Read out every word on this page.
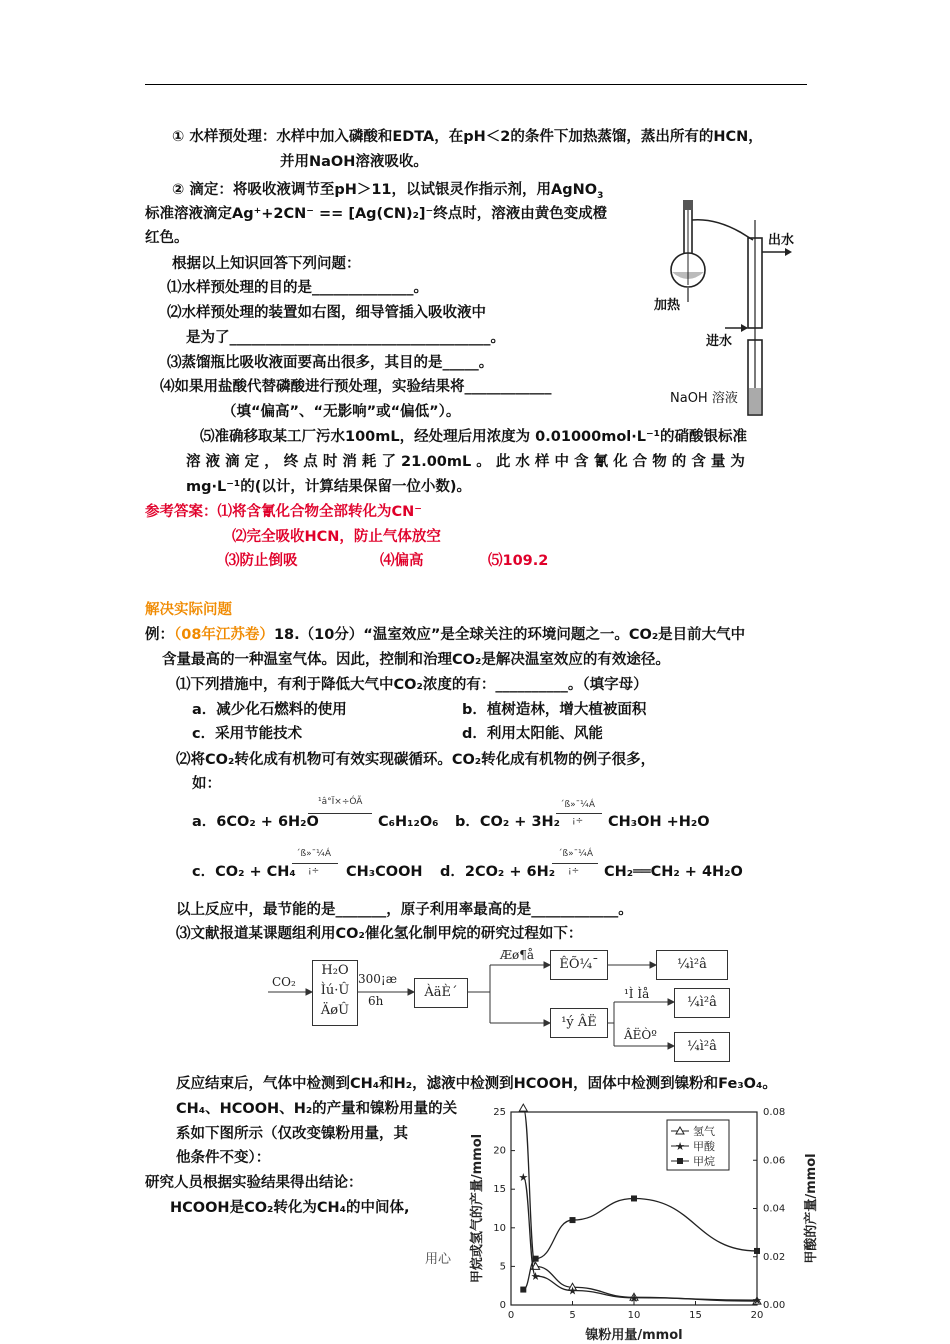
① 水样预处理：水样中加入磷酸和EDTA，在pH＜2的条件下加热蒸馏，蒸出所有的HCN，
并用NaOH溶液吸收。
② 滴定：将吸收液调节至pH＞11，以试银灵作指示剂，用AgNO$_3$
标准溶液滴定Ag⁺+2CN⁻ == [Ag(CN)₂]⁻终点时，溶液由黄色变成橙
红色。
根据以上知识回答下列问题：
⑴水样预处理的目的是______________。
⑵水样预处理的装置如右图，细导管插入吸收液中
是为了____________________________________。
⑶蒸馏瓶比吸收液面要高出很多，其目的是_____。
⑷如果用盐酸代替磷酸进行预处理，实验结果将____________
（填“偏高”、“无影响”或“偏低”）。
⑸准确移取某工厂污水100mL，经处理后用浓度为 0.01000mol·L⁻¹的硝酸银标准
溶 液 滴 定 ， 终 点 时 消 耗 了 21.00mL 。 此 水 样 中 含 氰 化 合 物 的 含 量 为
mg·L⁻¹的(以计，计算结果保留一位小数)。
参考答案：⑴将含氰化合物全部转化为CN⁻
⑵完全吸收HCN，防止气体放空
⑶防止倒吸	⑷偏高	⑸109.2
出水
加热
进水
NaOH 溶液
解决实际问题
例：（08年江苏卷）18.（10分）“温室效应”是全球关注的环境问题之一。CO₂是目前大气中
含量最高的一种温室气体。因此，控制和治理CO₂是解决温室效应的有效途径。
⑴下列措施中，有利于降低大气中CO₂浓度的有：__________。（填字母）
a．减少化石燃料的使用	b．植树造林，增大植被面积
c．采用节能技术	d．利用太阳能、风能
⑵将CO₂转化成有机物可有效实现碳循环。CO₂转化成有机物的例子很多，
如：
a．6CO₂ + 6H₂O
¹â°Ï×÷ÓÃ
C₆H₁₂O₆ b．CO₂ + 3H₂
´ß»¯¼Á
¡÷ CH₃OH +H₂O
c．CO₂ + CH₄
´ß»¯¼Á
¡÷ CH₃COOH d．2CO₂ + 6H₂
´ß»¯¼Á
¡÷ CH₂══CH₂ + 4H₂O
以上反应中，最节能的是_______，原子利用率最高的是____________。
⑶文献报道某课题组利用CO₂催化氢化制甲烷的研究过程如下：
CO₂
H₂O
Ìú·Û
ÄøÛ
300¡æ
6h
ÀäÈ´
Æø¶å
ÊÕ¼¯	¼ì²â
¹Ì Ìå
¹ý ÂË
¼ì²â
ÂËÒº
¼ì²â
反应结束后，气体中检测到CH₄和H₂，滤液中检测到HCOOH，固体中检测到镍粉和Fe₃O₄。
CH₄、HCOOH、H₂的产量和镍粉用量的关
系如下图所示（仅改变镍粉用量，其
他条件不变）：
研究人员根据实验结果得出结论：
HCOOH是CO₂转化为CH₄的中间体,
用心
0	5	10	15	20
0
5
10
15
20
25
0.00
0.02
0.04
0.06
0.08
镍粉用量/mmol
甲烷或氢气的产量/mmol	甲酸的产量/mmol
★
★
★
★	★
氢气
★ 甲酸
甲烷
